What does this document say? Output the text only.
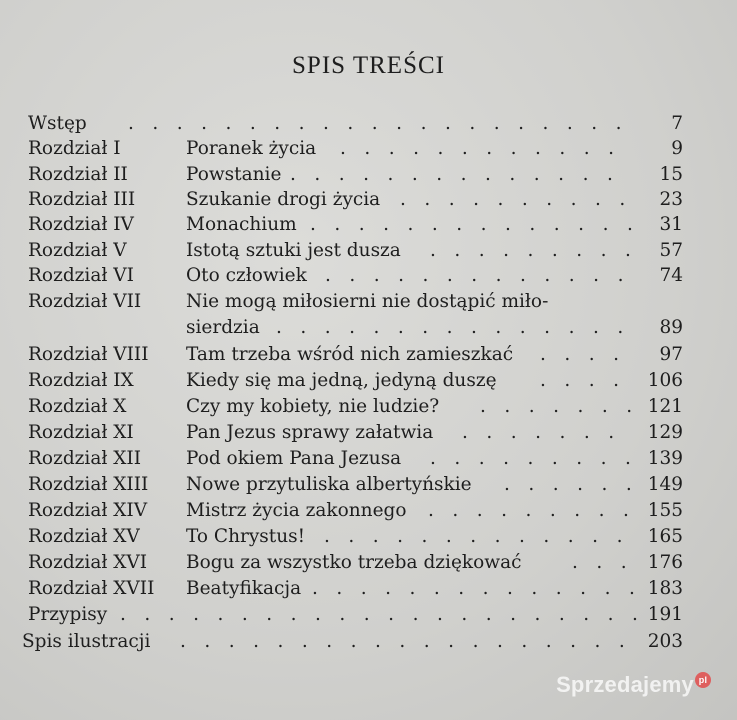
SPIS TREŚCI
Wstęp .  .  .  .  .  .  .  .  .  .  .  .  .  .  .  .  .  .  .  .  .	7
Rozdział I	Poranek życia .  .  .  .  .  .  .  .  .  .  .  .	9
Rozdział II	Powstanie .  .  .  .  .  .  .  .  .  .  .  .  .  .	15
Rozdział III	Szukanie drogi życia .  .  .  .  .  .  .  .  .  .	23
Rozdział IV	Monachium .  .  .  .  .  .  .  .  .  .  .  .  .  .	31
Rozdział V	Istotą sztuki jest dusza .  .  .  .  .  .  .  .  .	57
Rozdział VI	Oto człowiek .  .  .  .  .  .  .  .  .  .  .  .  .	74
Rozdział VII Nie mogą miłosierni nie dostąpić miło-
sierdzia .  .  .  .  .  .  .  .  .  .  .  .  .  .  .	89
Rozdział VIII Tam trzeba wśród nich zamieszkać .  .  .  .	97
Rozdział IX	Kiedy się ma jedną, jedyną duszę .  .  .  .	106
Rozdział X	Czy my kobiety, nie ludzie? .  .  .  .  .  .  . 121
Rozdział XI	Pan Jezus sprawy załatwia .  .  .  .  .  .  .	129
Rozdział XII Pod okiem Pana Jezusa .  .  .  .  .  .  .  .  . 139
Rozdział XIII Nowe przytuliska albertyńskie .  .  .  .  .  . 149
Rozdział XIV Mistrz życia zakonnego .  .  .  .  .  .  .  .  .	155
Rozdział XV To Chrystus! .  .  .  .  .  .  .  .  .  .  .  .  .	165
Rozdział XVI Bogu za wszystko trzeba dziękować	.  .  .	176
Rozdział XVII Beatyfikacja .  .  .  .  .  .  .  .  .  .  .  .  .  . 183
Przypisy .  .  .  .  .  .  .  .  .  .  .  .  .  .  .  .  .  .  .  .  .  . 191
Spis ilustracji .  .  .  .  .  .  .  .  .  .  .  .  .  .  .  .  .  .  .	203
Sprzedajemy pl
